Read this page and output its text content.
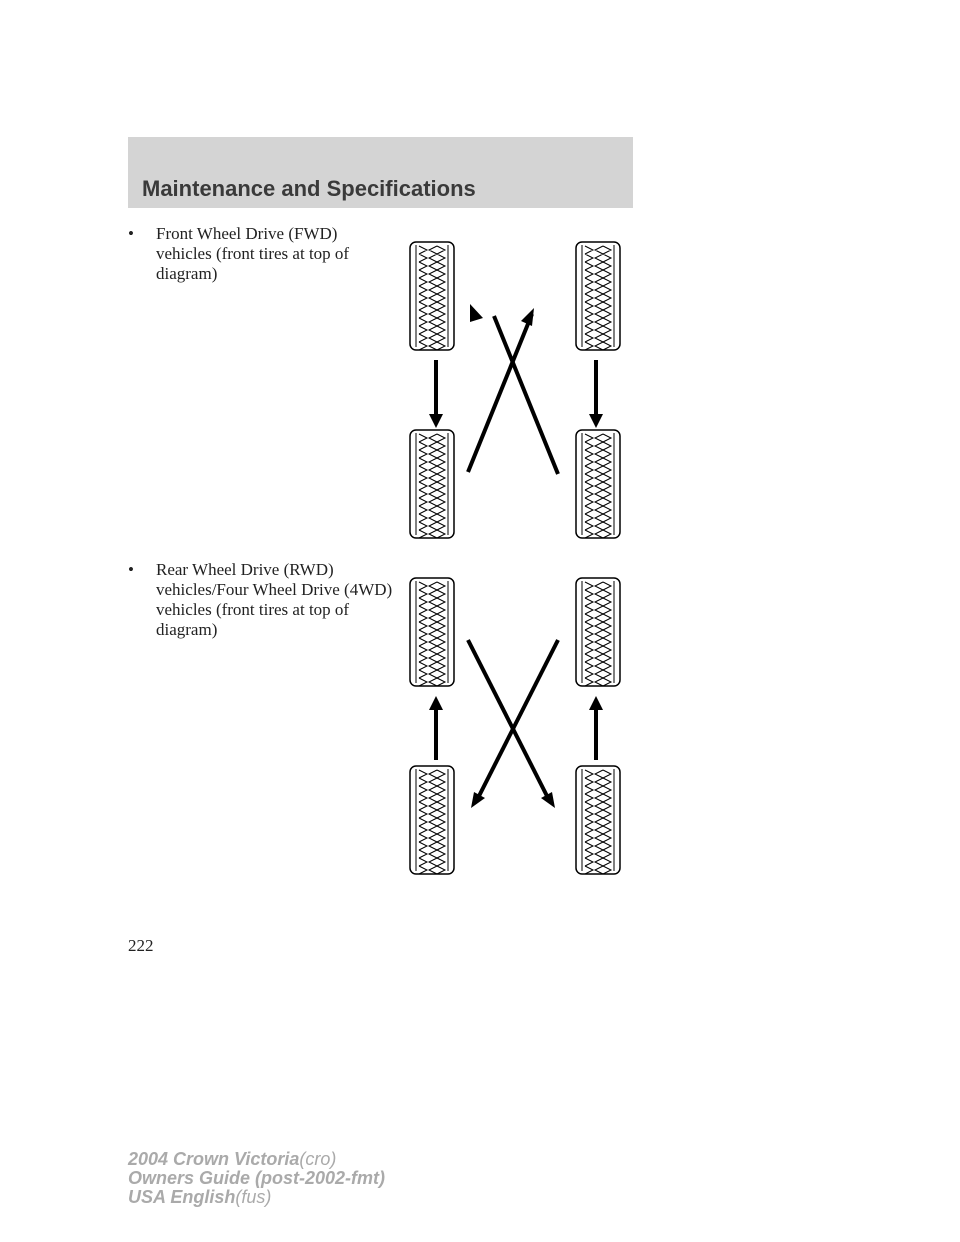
Maintenance and Specifications
• Front Wheel Drive (FWD)
vehicles (front tires at top of
diagram)
• Rear Wheel Drive (RWD)
vehicles/Four Wheel Drive (4WD)
vehicles (front tires at top of
diagram)
222
2004 Crown Victoria(cro)
Owners Guide (post-2002-fmt)
USA English(fus)
